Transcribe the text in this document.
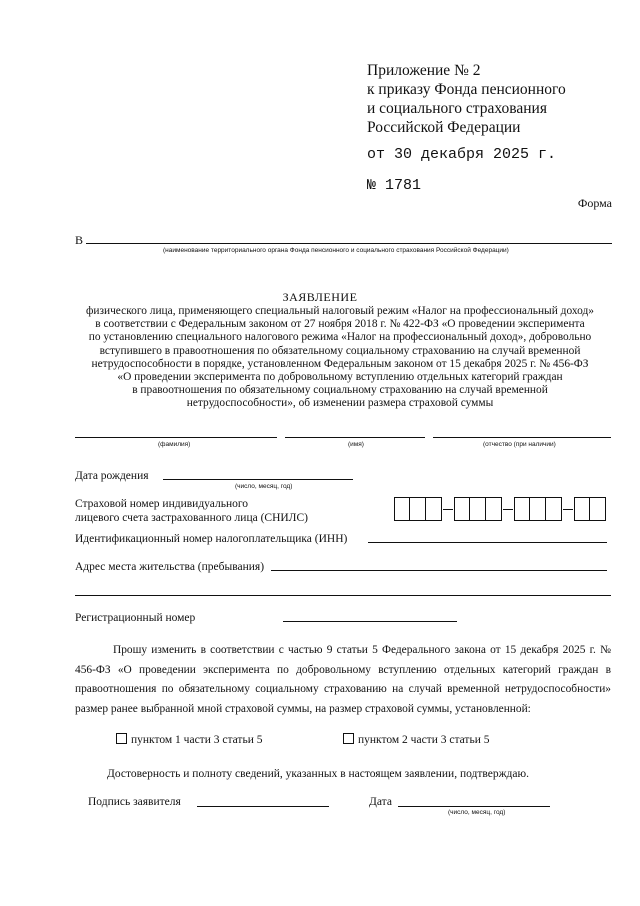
Приложение № 2
к приказу Фонда пенсионного
и социального страхования
Российской Федерации
от 30 декабря 2025 г.
№ 1781
Форма
В
(наименование территориального органа Фонда пенсионного и социального страхования Российской Федерации)
ЗАЯВЛЕНИЕ
физического лица, применяющего специальный налоговый режим «Налог на профессиональный доход»
в соответствии с Федеральным законом от 27 ноября 2018 г. № 422-ФЗ «О проведении эксперимента
по установлению специального налогового режима «Налог на профессиональный доход», добровольно
вступившего в правоотношения по обязательному социальному страхованию на случай временной
нетрудоспособности в порядке, установленном Федеральным законом от 15 декабря 2025 г. № 456-ФЗ
«О проведении эксперимента по добровольному вступлению отдельных категорий граждан
в правоотношения по обязательному социальному страхованию на случай временной
нетрудоспособности», об изменении размера страховой суммы
(фамилия)	(имя)	(отчество (при наличии)
Дата рождения
(число, месяц, год)
Страховой номер индивидуального
лицевого счета застрахованного лица (СНИЛС)
Идентификационный номер налогоплательщика (ИНН)
Адрес места жительства (пребывания)
Регистрационный номер

Прошу изменить в соответствии с частью 9 статьи 5 Федерального закона от 15 декабря 2025 г. № 456-ФЗ «О проведении эксперимента по добровольному вступлению отдельных категорий граждан в правоотношения по обязательному социальному страхованию на случай временной нетрудоспособности» размер ранее выбранной мной страховой суммы, на размер страховой суммы, установленной:

пунктом 1 части 3 статьи 5	пунктом 2 части 3 статьи 5
Достоверность и полноту сведений, указанных в настоящем заявлении, подтверждаю.
Подпись заявителя	Дата
(число, месяц, год)
